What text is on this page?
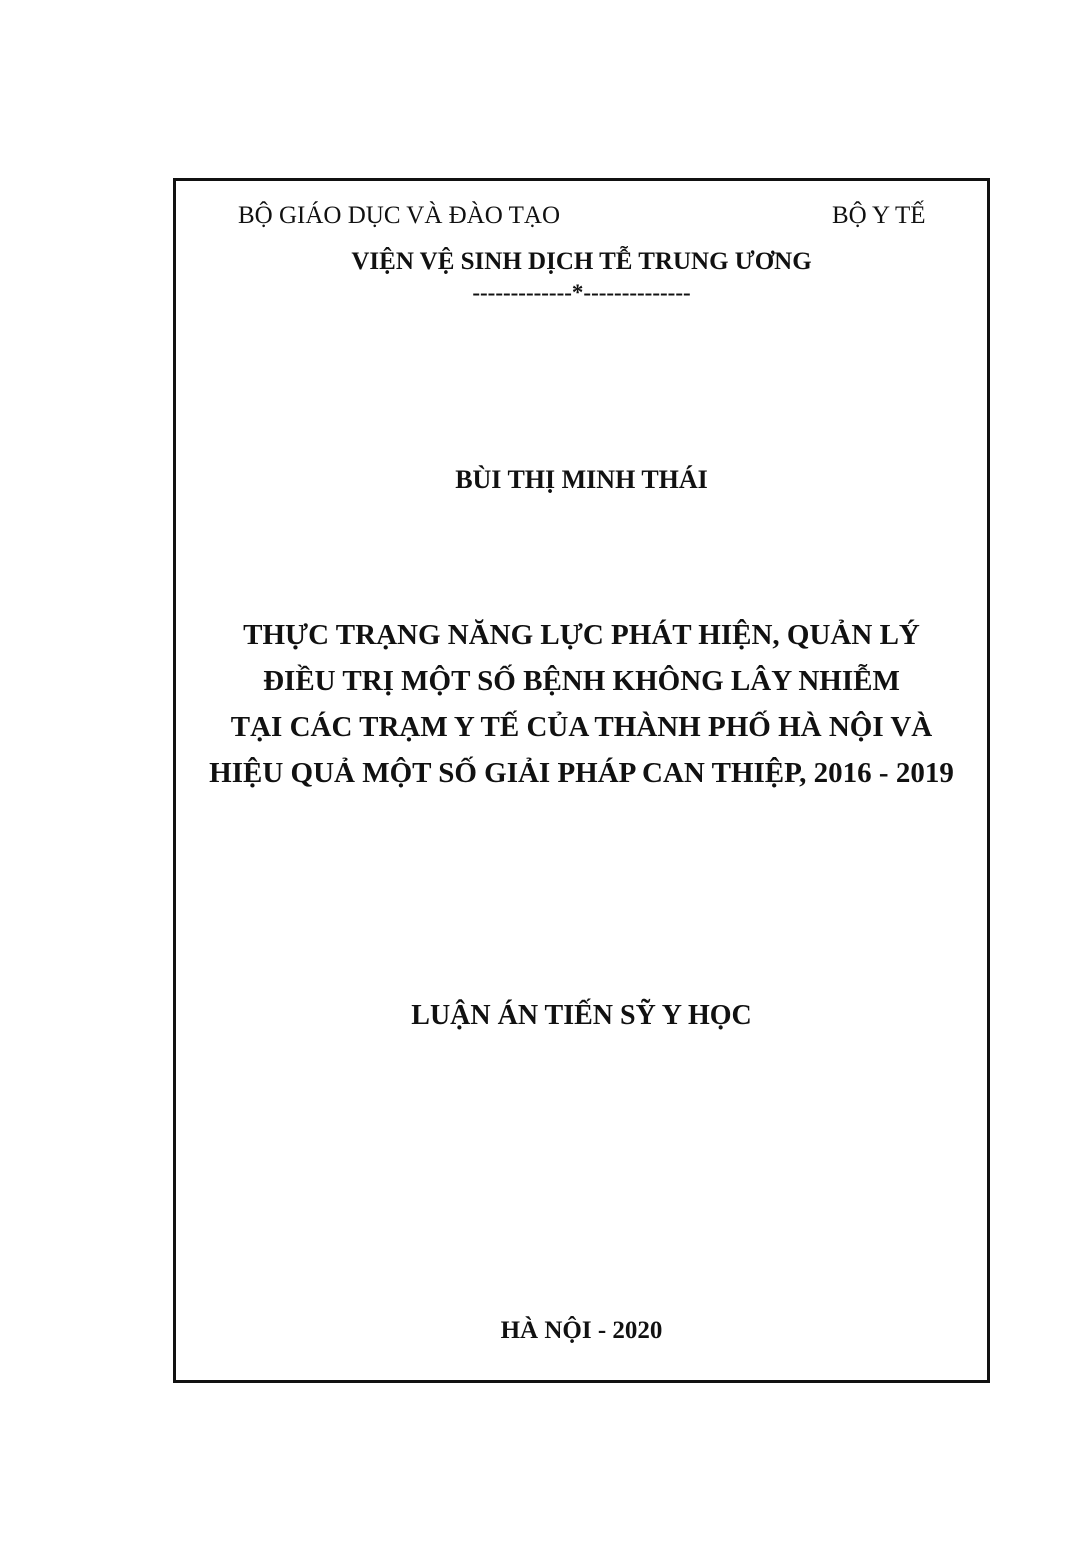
BỘ GIÁO DỤC VÀ ĐÀO TẠO	BỘ Y TẾ
VIỆN VỆ SINH DỊCH TỄ TRUNG ƯƠNG
-------------*--------------
BÙI THỊ MINH THÁI
THỰC TRẠNG NĂNG LỰC PHÁT HIỆN, QUẢN LÝ
ĐIỀU TRỊ MỘT SỐ BỆNH KHÔNG LÂY NHIỄM
TẠI CÁC TRẠM Y TẾ CỦA THÀNH PHỐ HÀ NỘI VÀ
HIỆU QUẢ MỘT SỐ GIẢI PHÁP CAN THIỆP, 2016 - 2019
LUẬN ÁN TIẾN SỸ Y HỌC
HÀ NỘI - 2020
